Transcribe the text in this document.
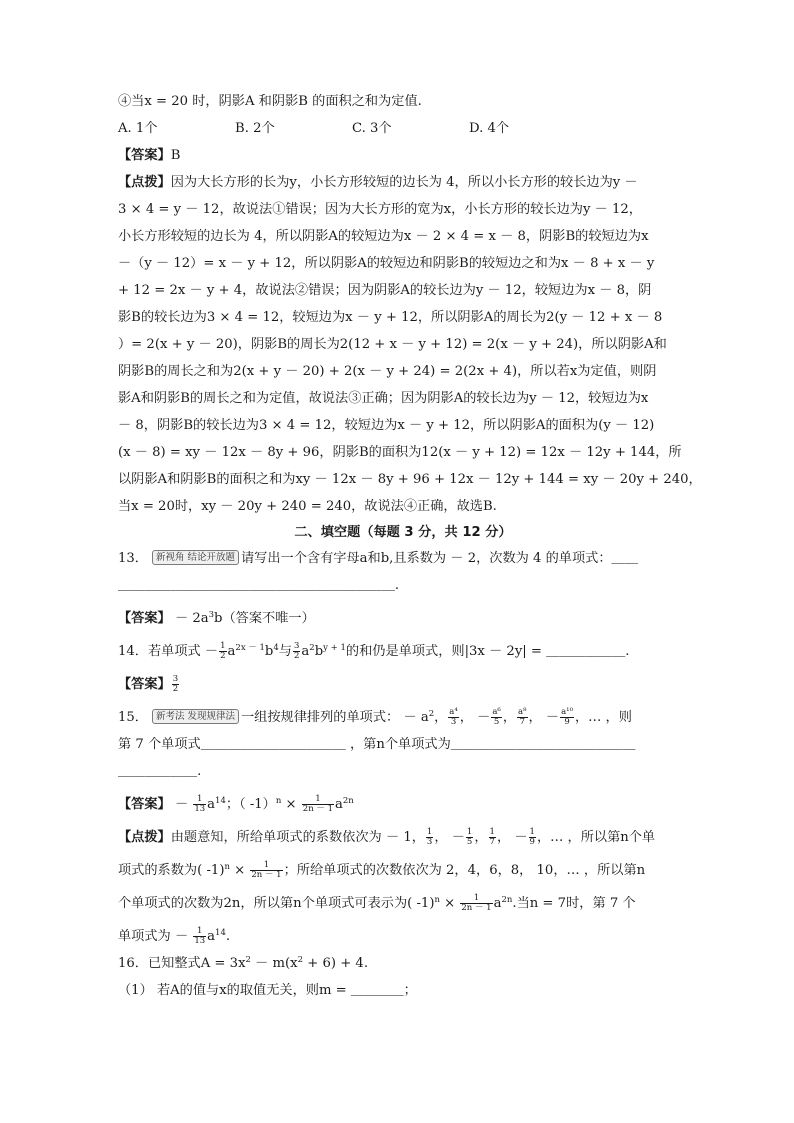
④当x = 20 时，阴影A 和阴影B 的面积之和为定值.
A. 1个	B. 2个	C. 3个	D. 4个
【答案】B
【点拨】因为大长方形的长为y，小长方形较短的边长为 4，所以小长方形的较长边为y －
3 × 4 = y － 12，故说法①错误；因为大长方形的宽为x，小长方形的较长边为y － 12，
小长方形较短的边长为 4，所以阴影A的较短边为x － 2 × 4 = x － 8，阴影B的较短边为x
－（y － 12）= x － y + 12，所以阴影A的较短边和阴影B的较短边之和为x － 8 + x － y
+ 12 = 2x － y + 4，故说法②错误；因为阴影A的较长边为y － 12，较短边为x － 8，阴
影B的较长边为3 × 4 = 12，较短边为x － y + 12，所以阴影A的周长为2(y － 12 + x － 8
）= 2(x + y － 20)，阴影B的周长为2(12 + x － y + 12) = 2(x － y + 24)，所以阴影A和
阴影B的周长之和为2(x + y － 20) + 2(x － y + 24) = 2(2x + 4)，所以若x为定值，则阴
影A和阴影B的周长之和为定值，故说法③正确；因为阴影A的较长边为y － 12，较短边为x
－ 8，阴影B的较长边为3 × 4 = 12，较短边为x － y + 12，所以阴影A的面积为(y － 12)
(x － 8) = xy － 12x － 8y + 96，阴影B的面积为12(x － y + 12) = 12x － 12y + 144，所
以阴影A和阴影B的面积之和为xy － 12x － 8y + 96 + 12x － 12y + 144 = xy － 20y + 240，
当x = 20时，xy － 20y + 240 = 240，故说法④正确，故选B.
二、填空题（每题 3 分，共 12 分）
13． 新视角 结论开放题 请写出一个含有字母a和b,且系数为 － 2，次数为 4 的单项式：＿＿
＿＿＿＿＿＿＿＿＿＿＿＿＿＿＿＿＿＿＿＿＿.
【答案】 － $2a^3b$（答案不唯一）
14．若单项式 － $\frac{1}{2} a^{2x - 1}b^4$与 $\frac{3}{2} a^2b^{y + 1}$的和仍是单项式，则|3x － 2y| = ＿＿＿＿＿＿.
【答案】 $\frac{3}{2}$
15． 新考法 发现规律法 一组按规律排列的单项式： － $a^2$， $\frac{\text{a⁴}}{3}$ ， － $\frac{\text{a⁶}}{5}$ ， $\frac{\text{a⁸}}{7}$ ， － $\frac{\text{a¹⁰}}{9}$ ，… ，则
第 7 个单项式＿＿＿＿＿＿＿＿＿＿＿ ，第n个单项式为＿＿＿＿＿＿＿＿＿＿＿＿＿＿
＿＿＿＿＿＿.
【答案】 － $\frac{1}{13} a^{14}$；（ $-1)^n \times \frac{1}{2n - 1} a^{2n}$
【点拨】由题意知，所给单项式的系数依次为 － 1， $\frac{1}{3}$ ， － $\frac{1}{5}$ ， $\frac{1}{7}$ ， － $\frac{1}{9}$ ，… ，所以第n个单
项式的系数为( $-1)^n \times \frac{1}{2n - 1}$ ；所给单项式的次数依次为 2，4，6，8， 10，… ，所以第n
个单项式的次数为2n，所以第n个单项式可表示为( $-1)^n \times \frac{1}{2n - 1} a^{2n}$.当n = 7时，第 7 个
单项式为 － $\frac{1}{13} a^{14}$.
16．已知整式$A = 3x^2 - m(x^2 + 6) + 4$.
（1） 若A的值与x的取值无关，则m = ＿＿＿＿；
